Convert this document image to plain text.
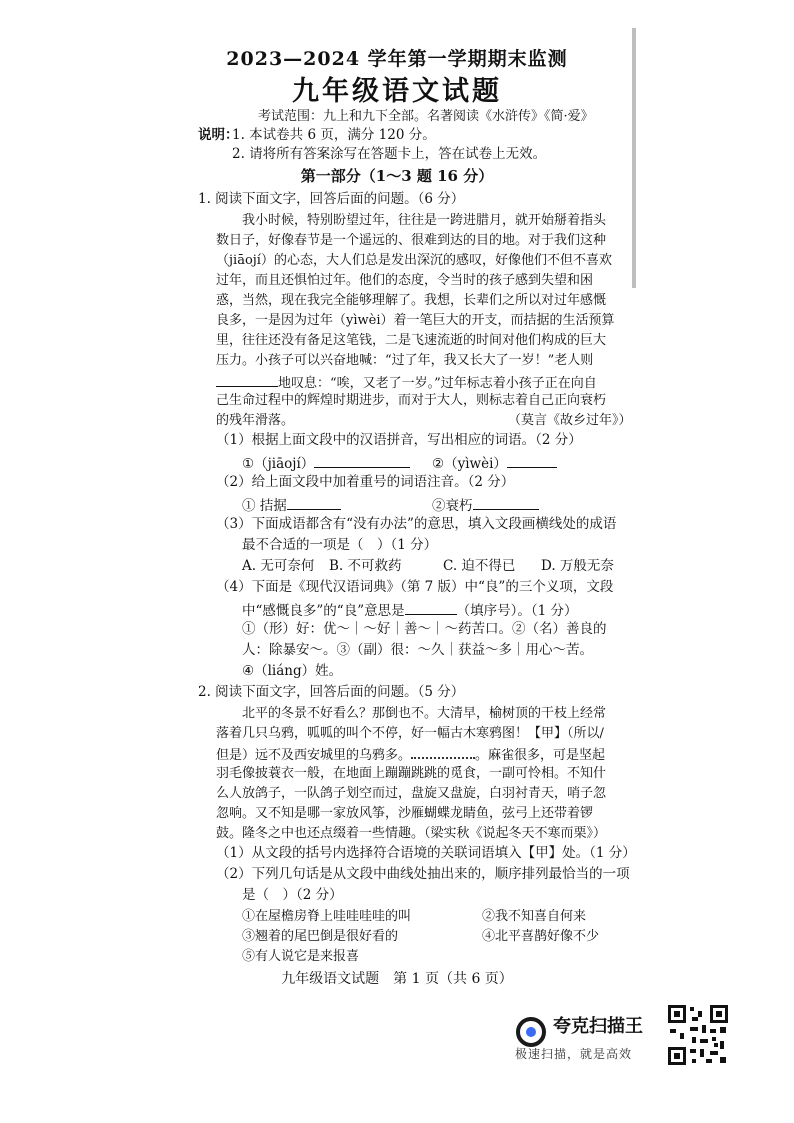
2023—2024 学年第一学期期末监测
九年级语文试题
考试范围：九上和九下全部。名著阅读《水浒传》《简·爱》
说明：
1. 本试卷共 6 页，满分 120 分。
2. 请将所有答案涂写在答题卡上，答在试卷上无效。
第一部分（1～3 题 16 分）
1. 阅读下面文字，回答后面的问题。（6 分）
我小时候，特别盼望过年，往往是一跨进腊月，就开始掰着指头
数日子，好像春节是一个遥远的、很难到达的目的地。对于我们这种
（jiāojí）的心态，大人们总是发出深沉的感叹，好像他们不但不喜欢
过年，而且还惧怕过年。他们的态度，令当时的孩子感到失望和困
惑，当然，现在我完全能够理解了。我想，长辈们之所以对过年感慨
良多，一是因为过年（yìwèi）着一笔巨大的开支，而拮据的生活预算
里，往往还没有备足这笔钱，二是飞速流逝的时间对他们构成的巨大
压力。小孩子可以兴奋地喊：“过了年，我又长大了一岁！”老人则
地叹息：“唉，又老了一岁。”过年标志着小孩子正在向自
己生命过程中的辉煌时期进步，而对于大人，则标志着自己正向衰朽
的残年滑落。	（莫言《故乡过年》）
（1）根据上面文段中的汉语拼音，写出相应的词语。（2 分）
①（jiāojí）	②（yìwèi）
（2）给上面文段中加着重号的词语注音。（2 分）
① 拮据	②衰朽
（3）下面成语都含有“没有办法”的意思，填入文段画横线处的成语
最不合适的一项是（　）（1 分）
A. 无可奈何 B. 不可救药	C. 迫不得已 D. 万般无奈
（4）下面是《现代汉语词典》（第 7 版）中“良”的三个义项，文段
中“感慨良多”的“良”意思是	（填序号）。（1 分）
①（形）好：优～｜～好｜善～｜～药苦口。②（名）善良的
人：除暴安～。③（副）很：～久｜获益～多｜用心～苦。
④（liáng）姓。
2. 阅读下面文字，回答后面的问题。（5 分）
北平的冬景不好看么？那倒也不。大清早，榆树顶的干枝上经常
落着几只乌鸦，呱呱的叫个不停，好一幅古木寒鸦图！【甲】（所以/
但是）远不及西安城里的乌鸦多。	。麻雀很多，可是坚起
羽毛像披蓑衣一般，在地面上蹦蹦跳跳的觅食，一副可怜相。不知什
么人放鸽子，一队鸽子划空而过，盘旋又盘旋，白羽衬青天，哨子忽
忽响。又不知是哪一家放风筝，沙雁蝴蝶龙睛鱼，弦弓上还带着锣
鼓。隆冬之中也还点缀着一些情趣。（梁实秋《说起冬天不寒而栗》）
（1）从文段的括号内选择符合语境的关联词语填入【甲】处。（1 分）
（2）下列几句话是从文段中曲线处抽出来的，顺序排列最恰当的一项
是（　）（2 分）
①在屋檐房脊上哇哇哇哇的叫	②我不知喜自何来
③翘着的尾巴倒是很好看的	④北平喜鹊好像不少
⑤有人说它是来报喜
九年级语文试题　第 1 页（共 6 页）
夸克扫描王
极速扫描，就是高效
